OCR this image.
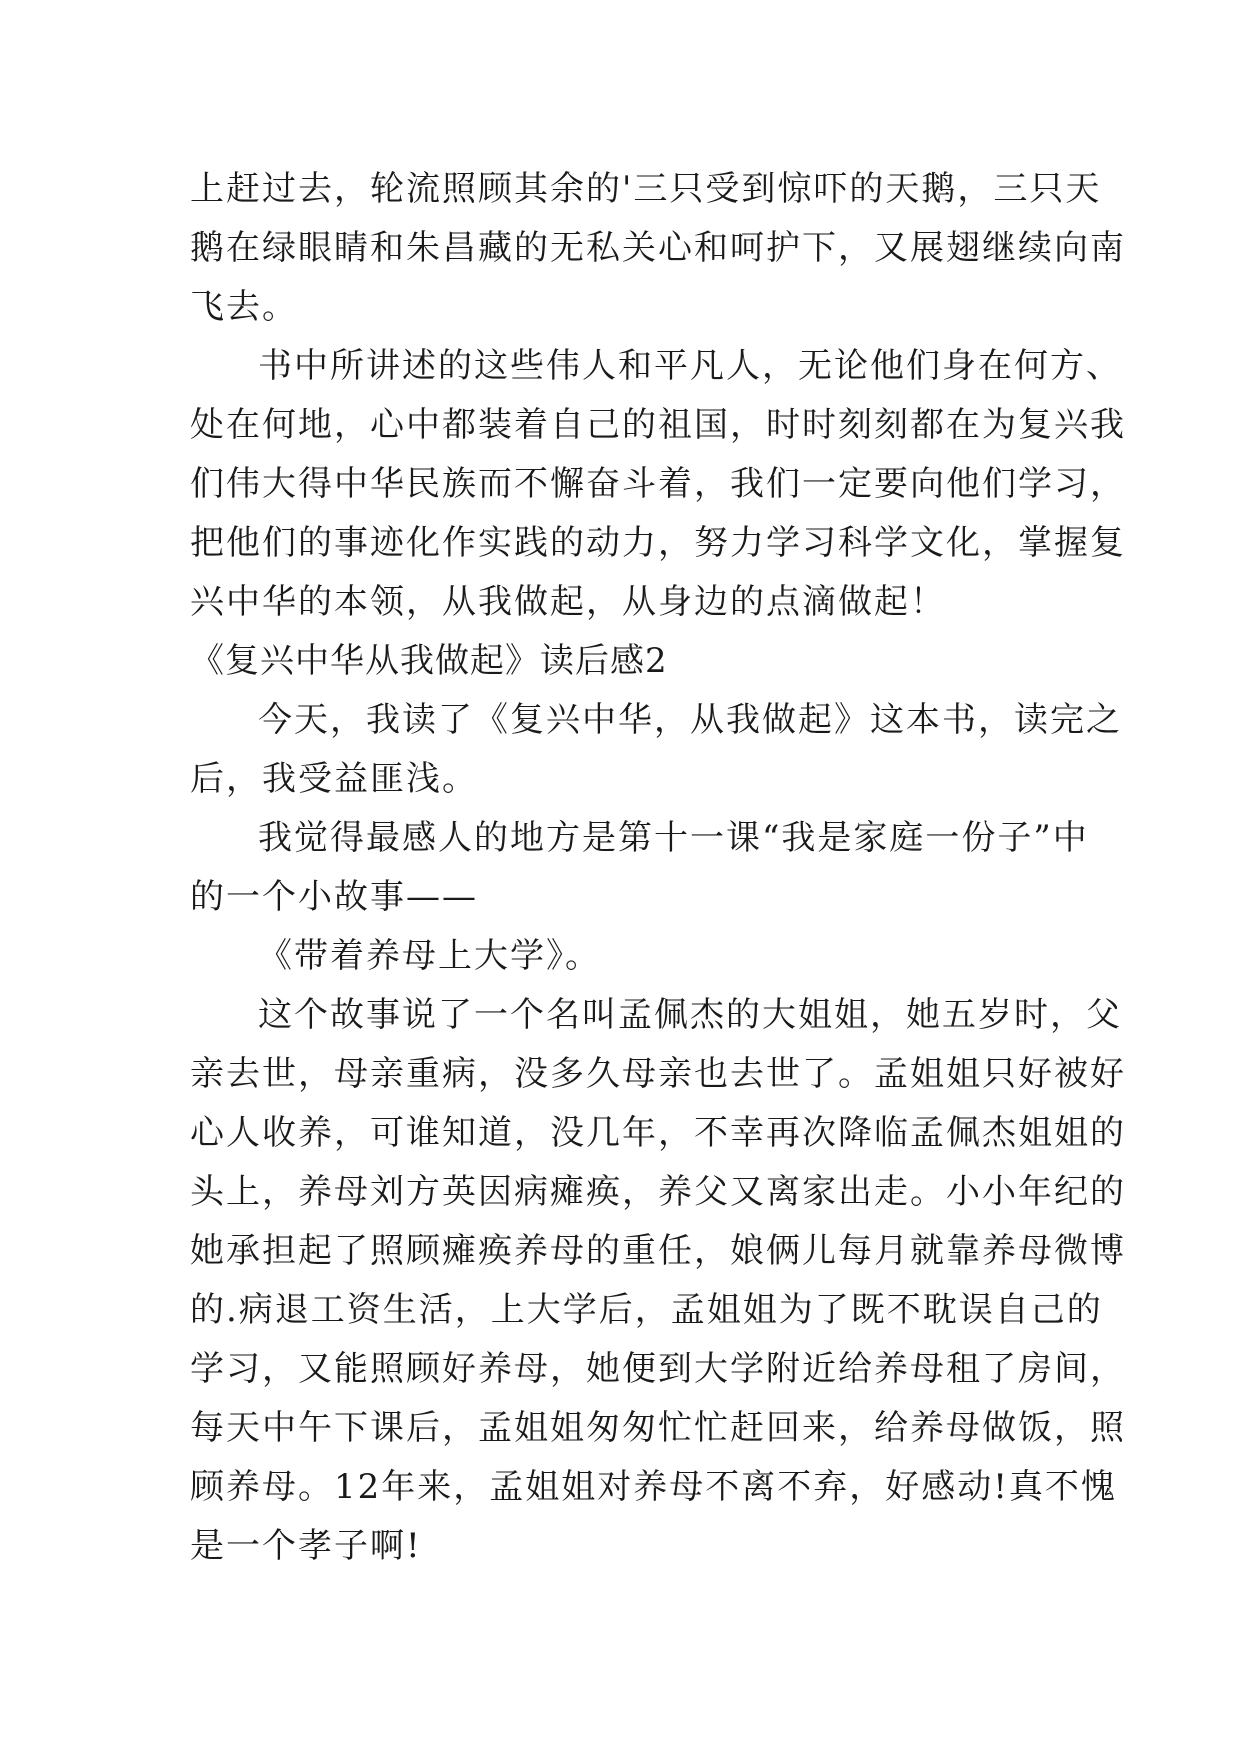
上赶过去，轮流照顾其余的'三只受到惊吓的天鹅，三只天
鹅在绿眼睛和朱昌藏的无私关心和呵护下，又展翅继续向南
飞去。
书中所讲述的这些伟人和平凡人，无论他们身在何方、
处在何地，心中都装着自己的祖国，时时刻刻都在为复兴我
们伟大得中华民族而不懈奋斗着，我们一定要向他们学习，
把他们的事迹化作实践的动力，努力学习科学文化，掌握复
兴中华的本领，从我做起，从身边的点滴做起！
《复兴中华从我做起》读后感2
今天，我读了《复兴中华，从我做起》这本书，读完之
后，我受益匪浅。
我觉得最感人的地方是第十一课“我是家庭一份子”中
的一个小故事——
《带着养母上大学》。
这个故事说了一个名叫孟佩杰的大姐姐，她五岁时，父
亲去世，母亲重病，没多久母亲也去世了。孟姐姐只好被好
心人收养，可谁知道，没几年，不幸再次降临孟佩杰姐姐的
头上，养母刘方英因病瘫痪，养父又离家出走。小小年纪的
她承担起了照顾瘫痪养母的重任，娘俩儿每月就靠养母微博
的.病退工资生活，上大学后，孟姐姐为了既不耽误自己的
学习，又能照顾好养母，她便到大学附近给养母租了房间，
每天中午下课后，孟姐姐匆匆忙忙赶回来，给养母做饭，照
顾养母。12年来，孟姐姐对养母不离不弃，好感动!真不愧
是一个孝子啊!
